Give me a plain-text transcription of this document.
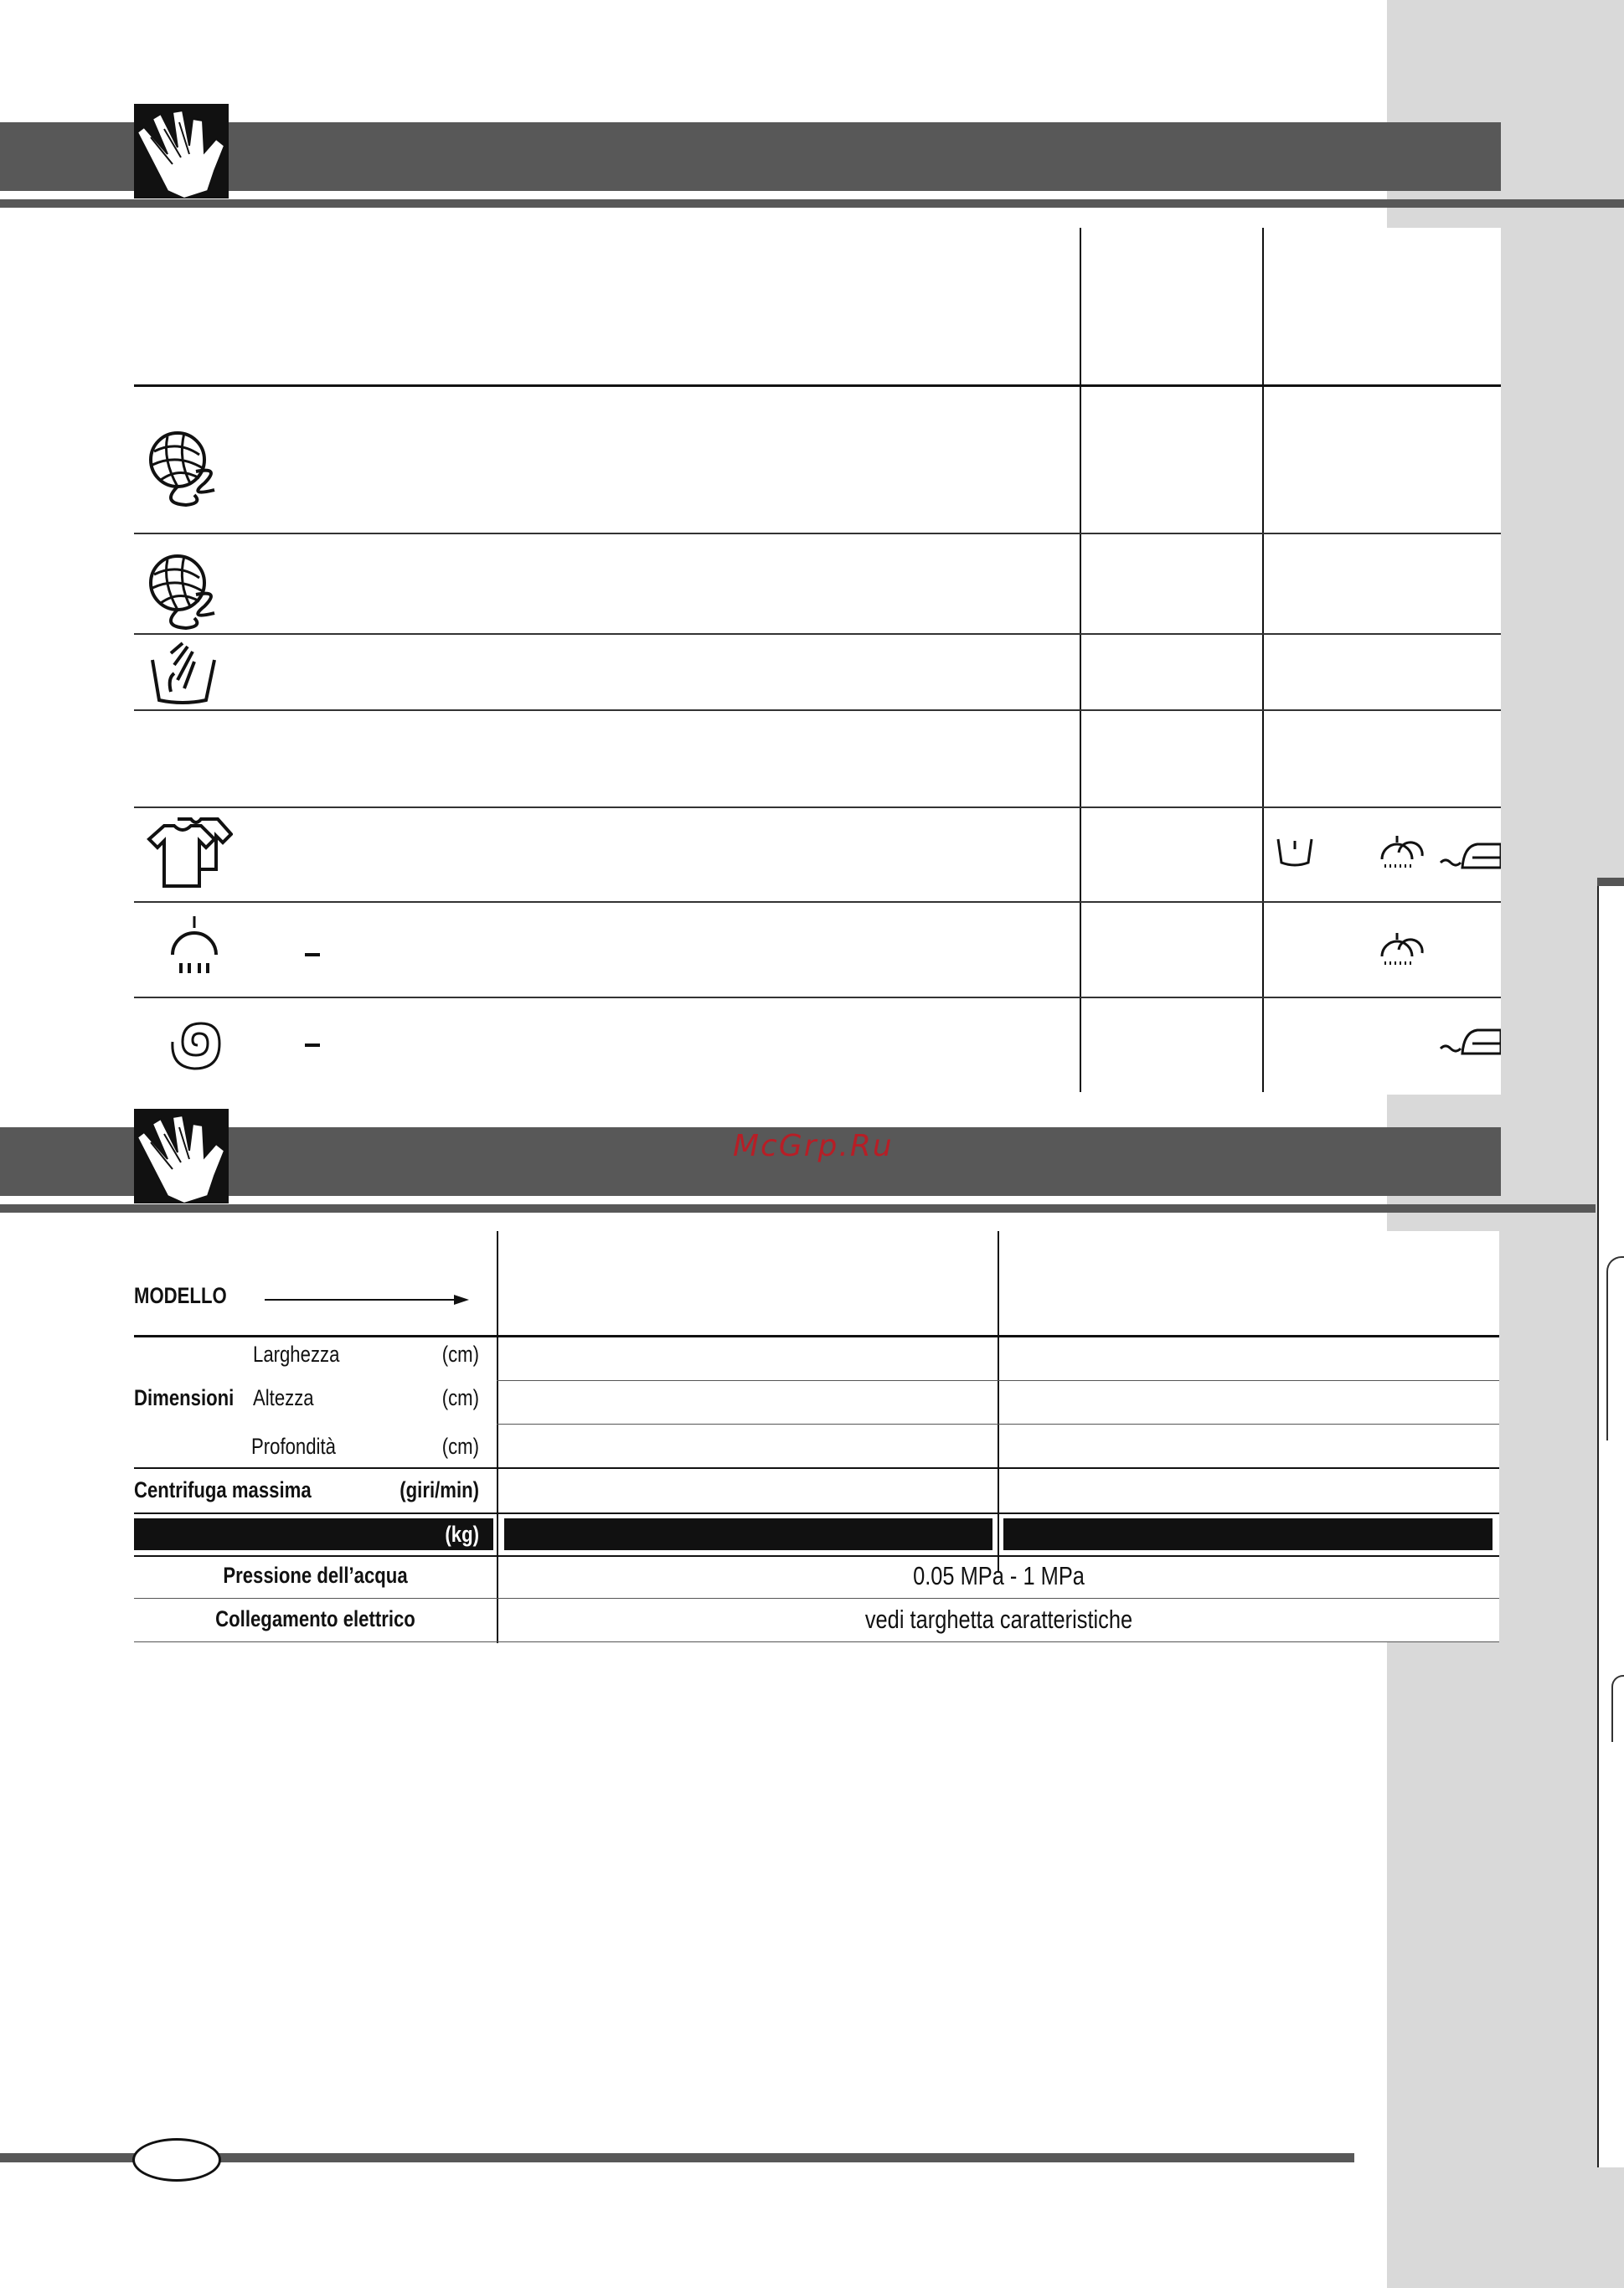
McGrp.Ru
MODELLO
Larghezza	(cm)
Dimensioni Altezza	(cm)
Profondità	(cm)
Centrifuga massima	(giri/min)
(kg)
Pressione dell’acqua	0.05 MPa - 1 MPa
Collegamento elettrico	vedi targhetta caratteristiche
